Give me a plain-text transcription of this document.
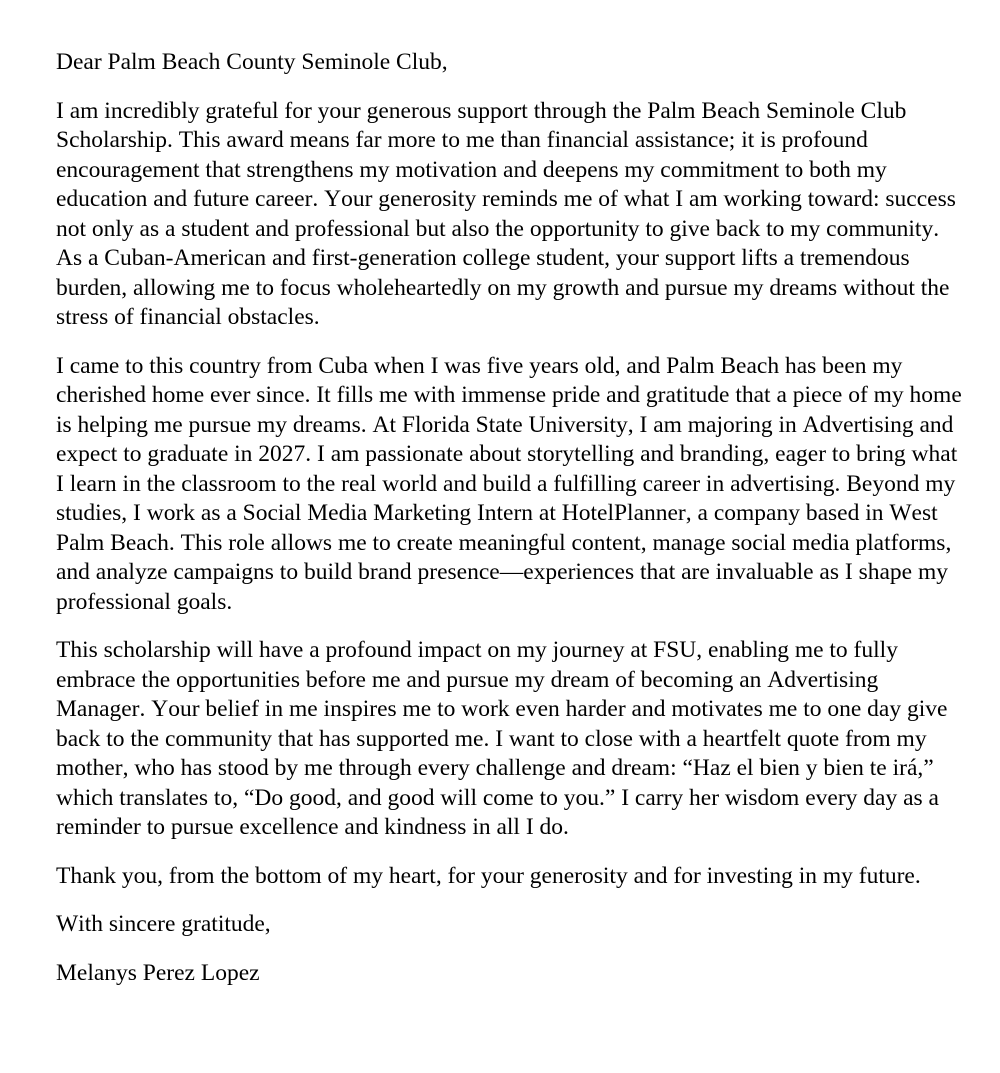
Dear Palm Beach County Seminole Club,

I am incredibly grateful for your generous support through the Palm Beach Seminole Club Scholarship. This award means far more to me than financial assistance; it is profound encouragement that strengthens my motivation and deepens my commitment to both my education and future career. Your generosity reminds me of what I am working toward: success not only as a student and professional but also the opportunity to give back to my community. As a Cuban-American and first-generation college student, your support lifts a tremendous burden, allowing me to focus wholeheartedly on my growth and pursue my dreams without the stress of financial obstacles.

I came to this country from Cuba when I was five years old, and Palm Beach has been my cherished home ever since. It fills me with immense pride and gratitude that a piece of my home is helping me pursue my dreams. At Florida State University, I am majoring in Advertising and expect to graduate in 2027. I am passionate about storytelling and branding, eager to bring what I learn in the classroom to the real world and build a fulfilling career in advertising. Beyond my studies, I work as a Social Media Marketing Intern at HotelPlanner, a company based in West Palm Beach. This role allows me to create meaningful content, manage social media platforms, and analyze campaigns to build brand presence—experiences that are invaluable as I shape my professional goals.

This scholarship will have a profound impact on my journey at FSU, enabling me to fully embrace the opportunities before me and pursue my dream of becoming an Advertising Manager. Your belief in me inspires me to work even harder and motivates me to one day give back to the community that has supported me. I want to close with a heartfelt quote from my mother, who has stood by me through every challenge and dream: “Haz el bien y bien te irá,” which translates to, “Do good, and good will come to you.” I carry her wisdom every day as a reminder to pursue excellence and kindness in all I do.

Thank you, from the bottom of my heart, for your generosity and for investing in my future.

With sincere gratitude,

Melanys Perez Lopez
